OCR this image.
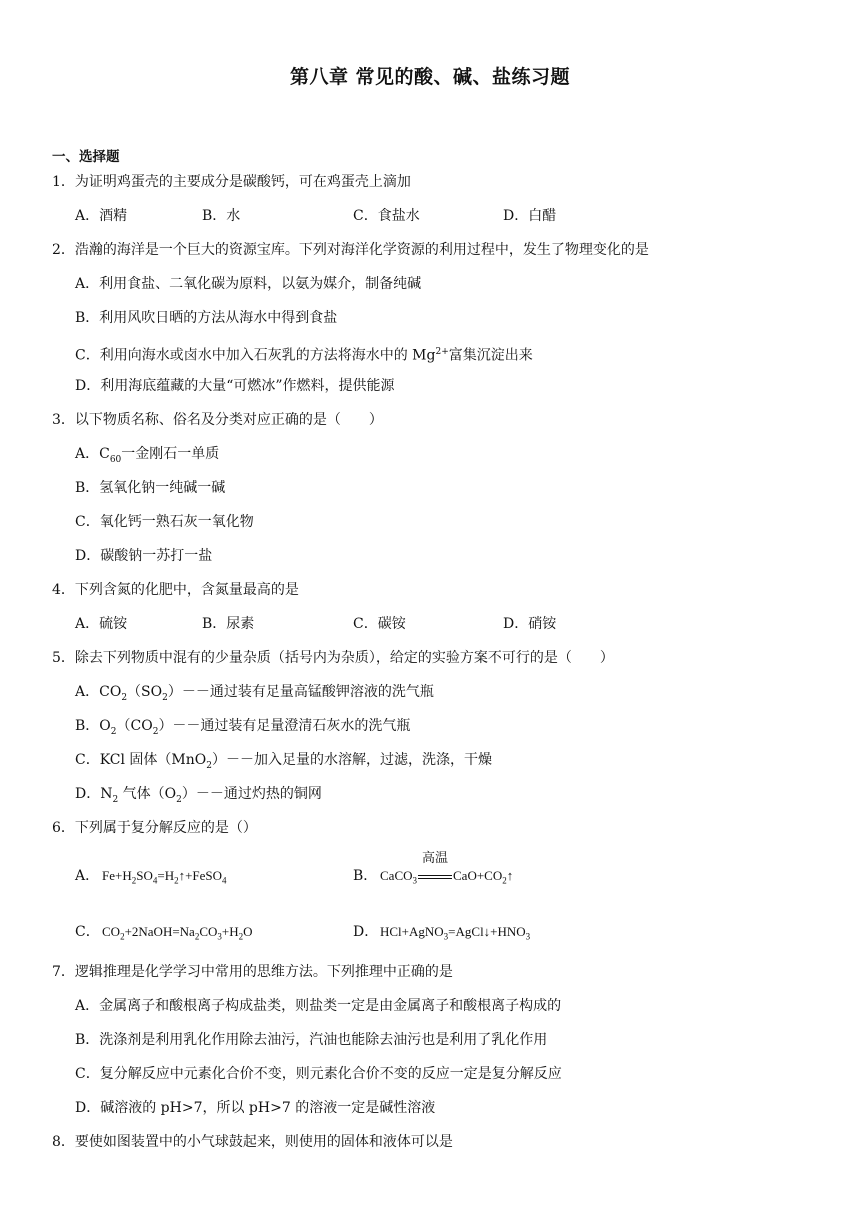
第八章 常见的酸、碱、盐练习题
一、选择题
1．为证明鸡蛋壳的主要成分是碳酸钙，可在鸡蛋壳上滴加
A．酒精	B．水	C．食盐水	D．白醋
2．浩瀚的海洋是一个巨大的资源宝库。下列对海洋化学资源的利用过程中，发生了物理变化的是
A．利用食盐、二氧化碳为原料，以氨为媒介，制备纯碱
B．利用风吹日晒的方法从海水中得到食盐
C．利用向海水或卤水中加入石灰乳的方法将海水中的 $Mg^{2+}$富集沉淀出来
D．利用海底蕴藏的大量“可燃冰”作燃料，提供能源
3．以下物质名称、俗名及分类对应正确的是（　　）
A．$C_{60}$一金刚石一单质
B．氢氧化钠一纯碱一碱
C．氧化钙一熟石灰一氧化物
D．碳酸钠一苏打一盐
4．下列含氮的化肥中，含氮量最高的是
A．硫铵	B．尿素	C．碳铵	D．硝铵
5．除去下列物质中混有的少量杂质（括号内为杂质），给定的实验方案不可行的是（　　）
A．$CO_2(SO_2)--$通过装有足量高锰酸钾溶液的洗气瓶
B．$O_2(CO_2)--$通过装有足量澄清石灰水的洗气瓶
C．KCl 固体（MnO$_2$）－－加入足量的水溶解，过滤，洗涤，干燥
D．$N_2$ 气体$(O_2)--$通过灼热的铜网
6．下列属于复分解反应的是（）
A． $Fe+H_2SO_4=H_2↑+FeSO_4$	B． CaCO$_3$
高温
$CaO+CO_2↑$
C． $CO_2+2NaOH=Na_2CO_3+H_2O$	D． $HCl+AgNO_3=AgCl↓+HNO_3$
7．逻辑推理是化学学习中常用的思维方法。下列推理中正确的是
A．金属离子和酸根离子构成盐类，则盐类一定是由金属离子和酸根离子构成的
B．洗涤剂是利用乳化作用除去油污，汽油也能除去油污也是利用了乳化作用
C．复分解反应中元素化合价不变，则元素化合价不变的反应一定是复分解反应
D．碱溶液的 pH>7，所以 pH>7 的溶液一定是碱性溶液
8．要使如图装置中的小气球鼓起来，则使用的固体和液体可以是
